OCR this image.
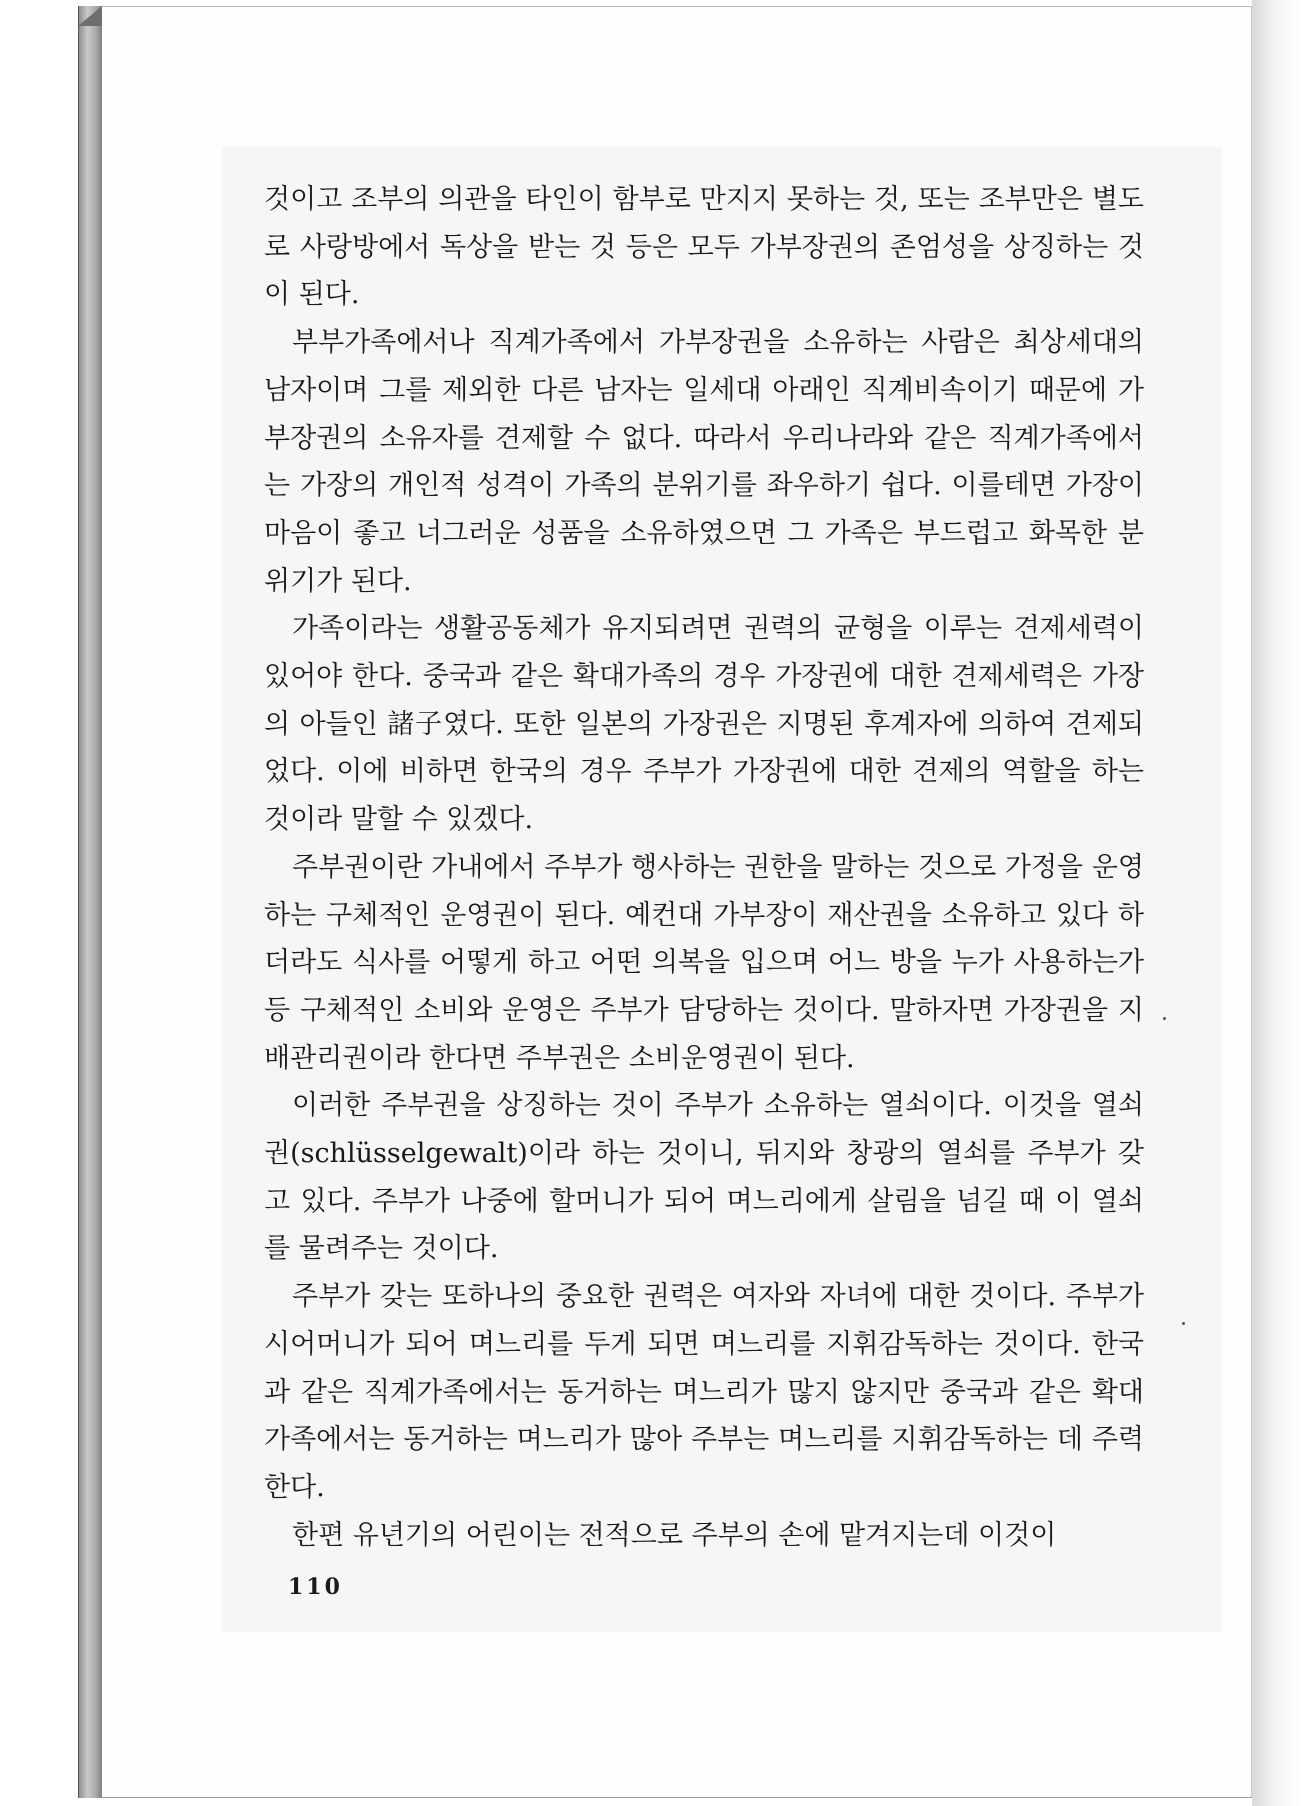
것이고 조부의 의관을 타인이 함부로 만지지 못하는 것, 또는 조부만은 별도로 사랑방에서 독상을 받는 것 등은 모두 가부장권의 존엄성을 상징하는 것이 된다.

부부가족에서나 직계가족에서 가부장권을 소유하는 사람은 최상세대의 남자이며 그를 제외한 다른 남자는 일세대 아래인 직계비속이기 때문에 가부장권의 소유자를 견제할 수 없다. 따라서 우리나라와 같은 직계가족에서는 가장의 개인적 성격이 가족의 분위기를 좌우하기 쉽다. 이를테면 가장이 마음이 좋고 너그러운 성품을 소유하였으면 그 가족은 부드럽고 화목한 분위기가 된다.

가족이라는 생활공동체가 유지되려면 권력의 균형을 이루는 견제세력이 있어야 한다. 중국과 같은 확대가족의 경우 가장권에 대한 견제세력은 가장의 아들인 諸子였다. 또한 일본의 가장권은 지명된 후계자에 의하여 견제되었다. 이에 비하면 한국의 경우 주부가 가장권에 대한 견제의 역할을 하는 것이라 말할 수 있겠다.

주부권이란 가내에서 주부가 행사하는 권한을 말하는 것으로 가정을 운영하는 구체적인 운영권이 된다. 예컨대 가부장이 재산권을 소유하고 있다 하더라도 식사를 어떻게 하고 어떤 의복을 입으며 어느 방을 누가 사용하는가 등 구체적인 소비와 운영은 주부가 담당하는 것이다. 말하자면 가장권을 지배관리권이라 한다면 주부권은 소비운영권이 된다.

이러한 주부권을 상징하는 것이 주부가 소유하는 열쇠이다. 이것을 열쇠권(schlüsselgewalt)이라 하는 것이니, 뒤지와 창광의 열쇠를 주부가 갖고 있다. 주부가 나중에 할머니가 되어 며느리에게 살림을 넘길 때 이 열쇠를 물려주는 것이다.

주부가 갖는 또하나의 중요한 권력은 여자와 자녀에 대한 것이다. 주부가 시어머니가 되어 며느리를 두게 되면 며느리를 지휘감독하는 것이다. 한국과 같은 직계가족에서는 동거하는 며느리가 많지 않지만 중국과 같은 확대가족에서는 동거하는 며느리가 많아 주부는 며느리를 지휘감독하는 데 주력한다.

한편 유년기의 어린이는 전적으로 주부의 손에 맡겨지는데 이것이

110
